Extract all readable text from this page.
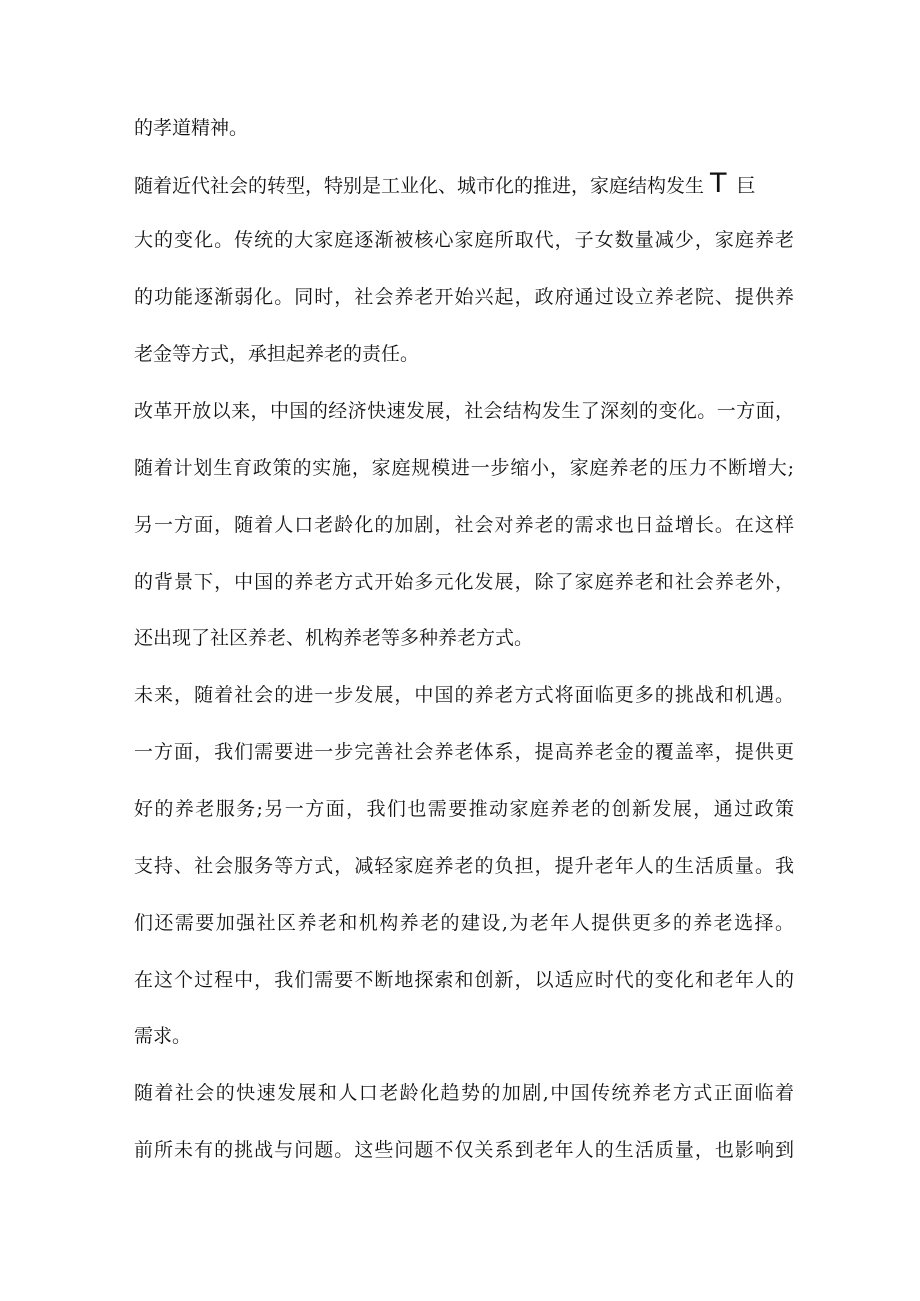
的孝道精神。
随着近代社会的转型，特别是工业化、城市化的推进，家庭结构发生 T 巨
大的变化。传统的大家庭逐渐被核心家庭所取代，子女数量减少，家庭养老
的功能逐渐弱化。同时，社会养老开始兴起，政府通过设立养老院、提供养
老金等方式，承担起养老的责任。
改革开放以来，中国的经济快速发展，社会结构发生了深刻的变化。一方面，
随着计划生育政策的实施，家庭规模进一步缩小，家庭养老的压力不断增大;
另一方面，随着人口老龄化的加剧，社会对养老的需求也日益增长。在这样
的背景下，中国的养老方式开始多元化发展，除了家庭养老和社会养老外，
还出现了社区养老、机构养老等多种养老方式。
未来，随着社会的进一步发展，中国的养老方式将面临更多的挑战和机遇。
一方面，我们需要进一步完善社会养老体系，提高养老金的覆盖率，提供更
好的养老服务;另一方面，我们也需要推动家庭养老的创新发展，通过政策
支持、社会服务等方式，减轻家庭养老的负担，提升老年人的生活质量。我
们还需要加强社区养老和机构养老的建设,为老年人提供更多的养老选择。
在这个过程中，我们需要不断地探索和创新，以适应时代的变化和老年人的
需求。
随着社会的快速发展和人口老龄化趋势的加剧,中国传统养老方式正面临着
前所未有的挑战与问题。这些问题不仅关系到老年人的生活质量，也影响到
